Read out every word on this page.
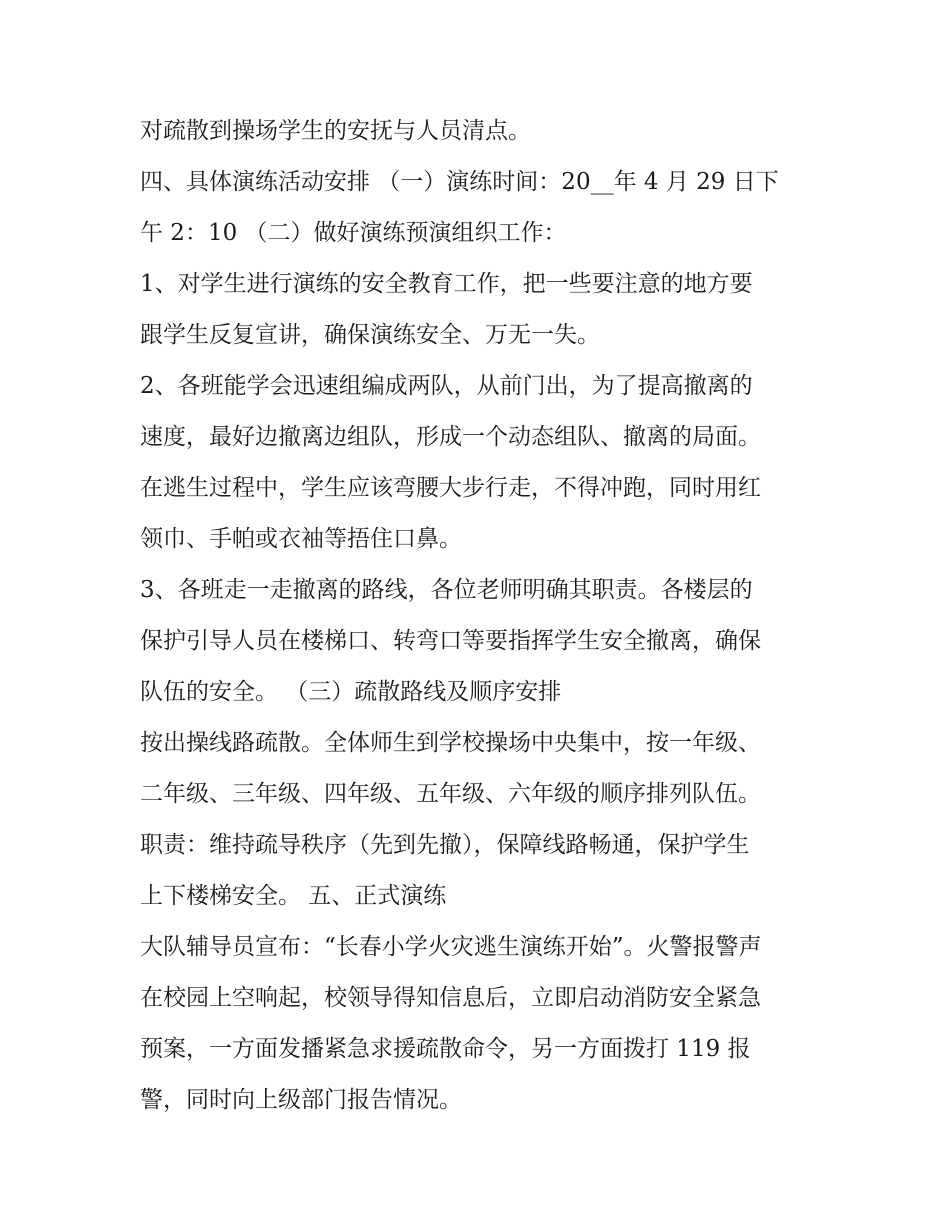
对疏散到操场学生的安抚与人员清点。
四、具体演练活动安排 （一）演练时间：20__年 4 月 29 日下
午 2：10 （二）做好演练预演组织工作：
1、对学生进行演练的安全教育工作，把一些要注意的地方要
跟学生反复宣讲，确保演练安全、万无一失。
2、各班能学会迅速组编成两队，从前门出，为了提高撤离的
速度，最好边撤离边组队，形成一个动态组队、撤离的局面。
在逃生过程中，学生应该弯腰大步行走，不得冲跑，同时用红
领巾、手帕或衣袖等捂住口鼻。
3、各班走一走撤离的路线，各位老师明确其职责。各楼层的
保护引导人员在楼梯口、转弯口等要指挥学生安全撤离，确保
队伍的安全。 （三）疏散路线及顺序安排
按出操线路疏散。全体师生到学校操场中央集中，按一年级、
二年级、三年级、四年级、五年级、六年级的顺序排列队伍。
职责：维持疏导秩序（先到先撤），保障线路畅通，保护学生
上下楼梯安全。 五、正式演练
大队辅导员宣布：“长春小学火灾逃生演练开始”。火警报警声
在校园上空响起，校领导得知信息后，立即启动消防安全紧急
预案，一方面发播紧急求援疏散命令，另一方面拨打 119 报
警，同时向上级部门报告情况。
